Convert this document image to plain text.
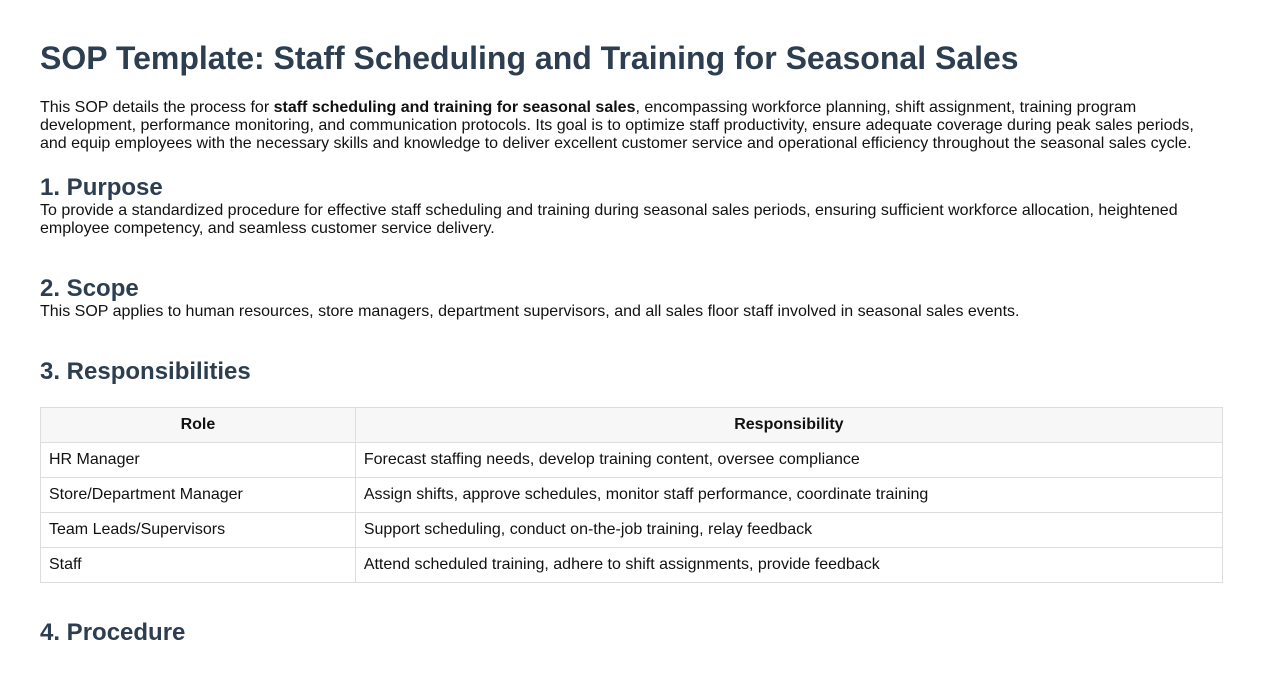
SOP Template: Staff Scheduling and Training for Seasonal Sales

This SOP details the process for staff scheduling and training for seasonal sales, encompassing workforce planning, shift assignment, training program development, performance monitoring, and communication protocols. Its goal is to optimize staff productivity, ensure adequate coverage during peak sales periods, and equip employees with the necessary skills and knowledge to deliver excellent customer service and operational efficiency throughout the seasonal sales cycle.

1. Purpose

To provide a standardized procedure for effective staff scheduling and training during seasonal sales periods, ensuring sufficient workforce allocation, heightened employee competency, and seamless customer service delivery.

2. Scope

This SOP applies to human resources, store managers, department supervisors, and all sales floor staff involved in seasonal sales events.

3. Responsibilities
Role	Responsibility
HR Manager	Forecast staffing needs, develop training content, oversee compliance
Store/Department Manager	Assign shifts, approve schedules, monitor staff performance, coordinate training
Team Leads/Supervisors	Support scheduling, conduct on-the-job training, relay feedback
Staff	Attend scheduled training, adhere to shift assignments, provide feedback
4. Procedure
